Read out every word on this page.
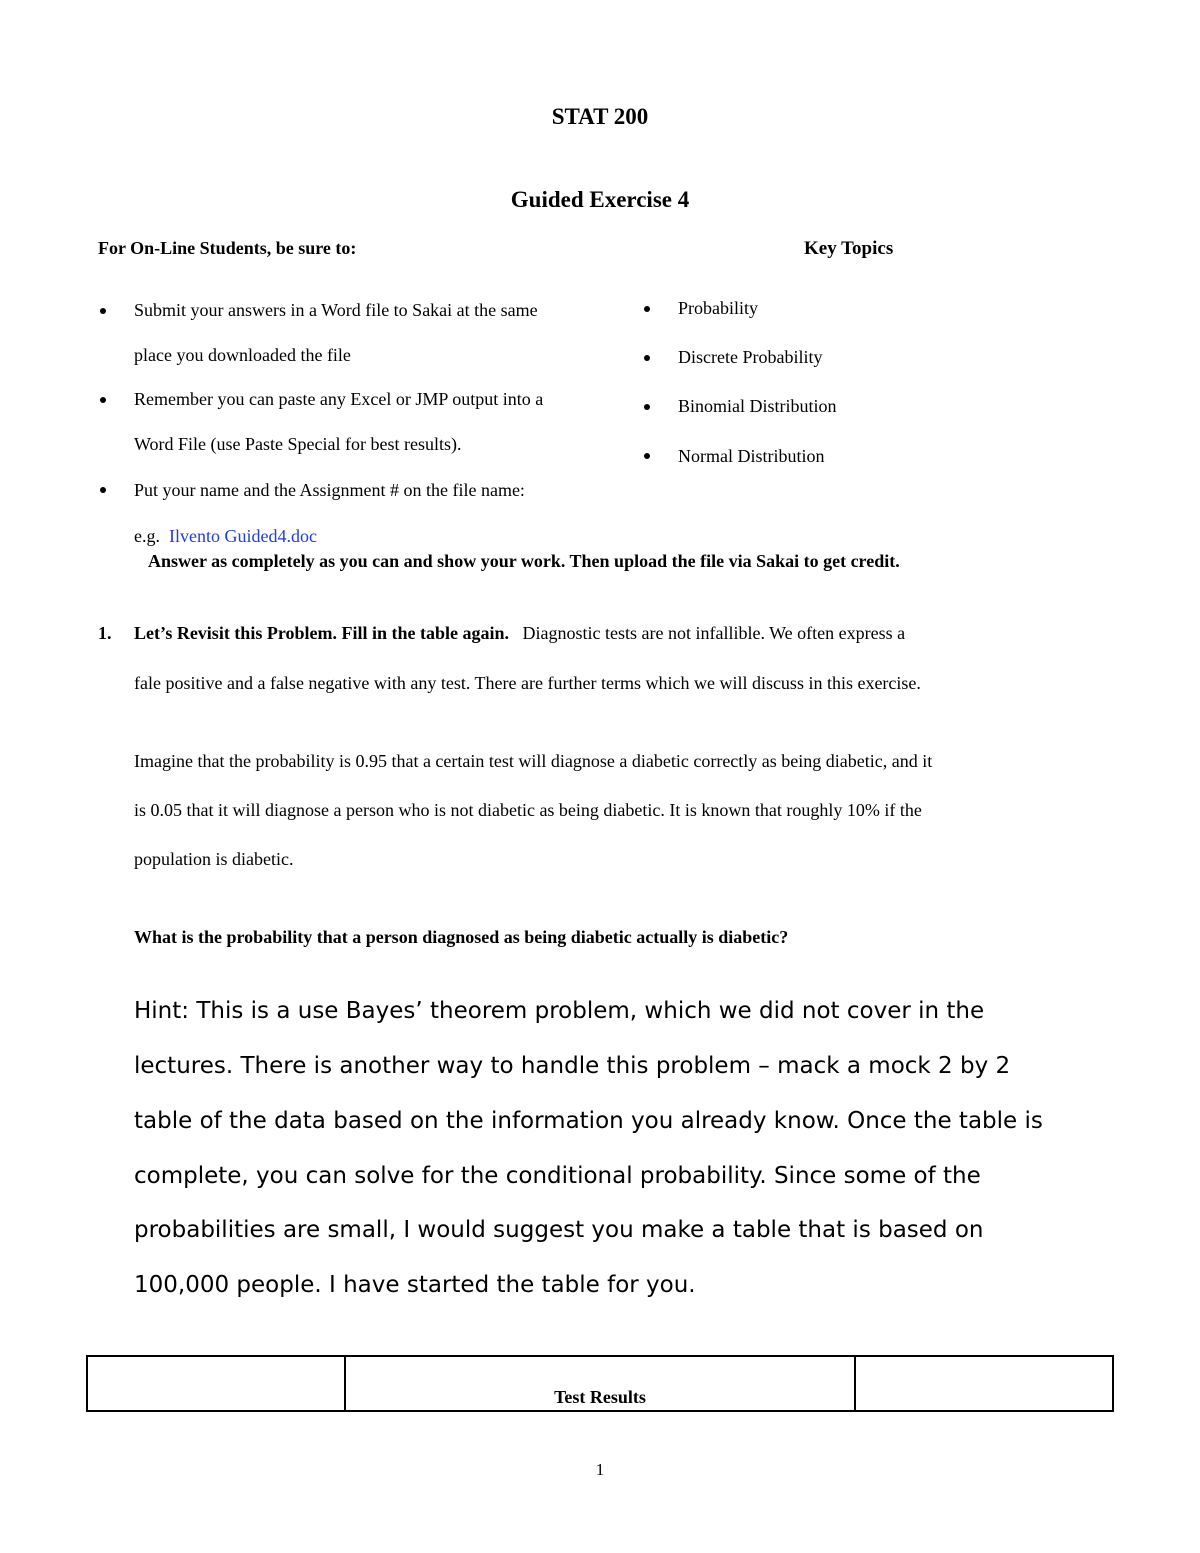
STAT 200
Guided Exercise 4
For On-Line Students, be sure to:
Submit your answers in a Word file to Sakai at the same
place you downloaded the file
Remember you can paste any Excel or JMP output into a
Word File (use Paste Special for best results).
Put your name and the Assignment # on the file name:
e.g. Ilvento Guided4.doc
Key Topics
Probability
Discrete Probability
Binomial Distribution
Normal Distribution
Answer as completely as you can and show your work. Then upload the file via Sakai to get credit.
1. Let’s Revisit this Problem. Fill in the table again. Diagnostic tests are not infallible. We often express a
fale positive and a false negative with any test. There are further terms which we will discuss in this exercise.
Imagine that the probability is 0.95 that a certain test will diagnose a diabetic correctly as being diabetic, and it
is 0.05 that it will diagnose a person who is not diabetic as being diabetic. It is known that roughly 10% if the
population is diabetic.
What is the probability that a person diagnosed as being diabetic actually is diabetic?
Hint: This is a use Bayes’ theorem problem, which we did not cover in the
lectures. There is another way to handle this problem – mack a mock 2 by 2
table of the data based on the information you already know. Once the table is
complete, you can solve for the conditional probability. Since some of the
probabilities are small, I would suggest you make a table that is based on
100,000 people. I have started the table for you.
	Test Results	
1
